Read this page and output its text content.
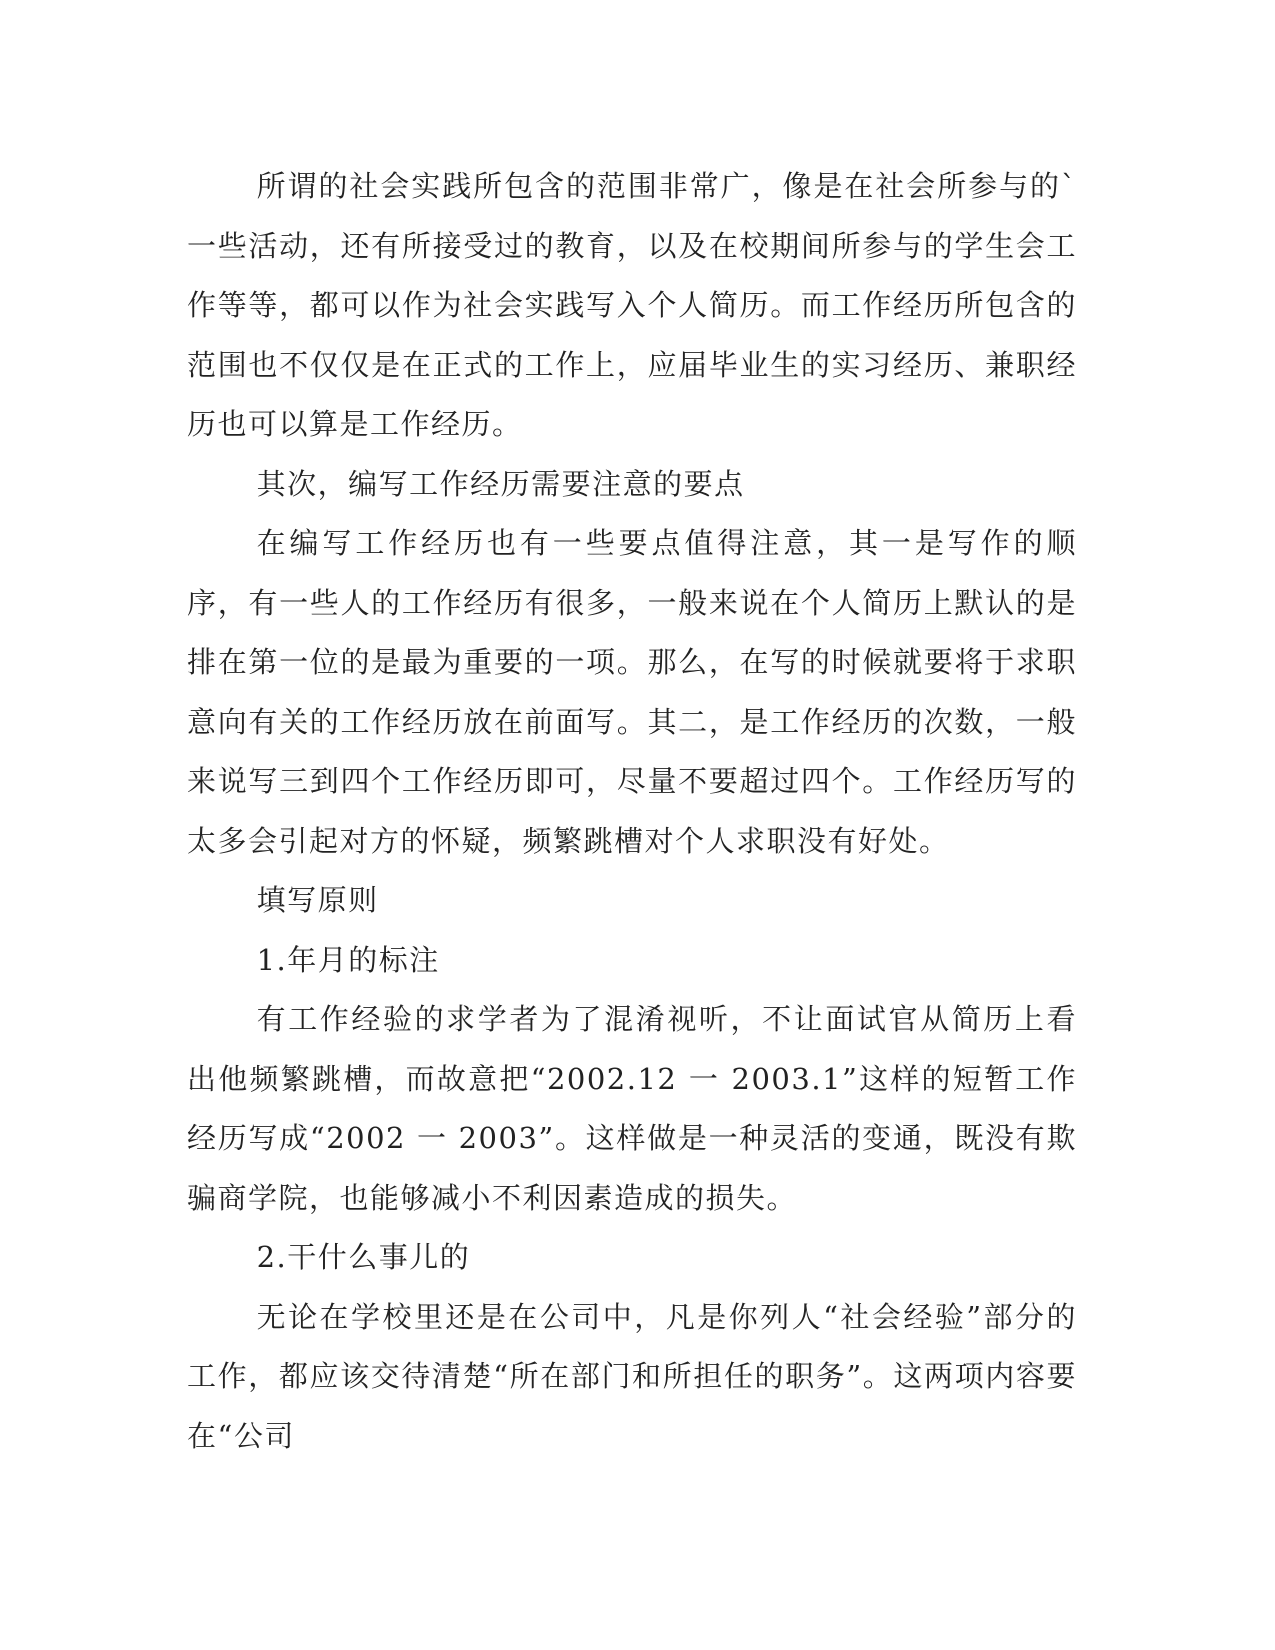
所谓的社会实践所包含的范围非常广，像是在社会所参与的`一些活动，还有所接受过的教育，以及在校期间所参与的学生会工作等等，都可以作为社会实践写入个人简历。而工作经历所包含的范围也不仅仅是在正式的工作上，应届毕业生的实习经历、兼职经历也可以算是工作经历。

其次，编写工作经历需要注意的要点

在编写工作经历也有一些要点值得注意，其一是写作的顺序，有一些人的工作经历有很多，一般来说在个人简历上默认的是排在第一位的是最为重要的一项。那么，在写的时候就要将于求职意向有关的工作经历放在前面写。其二，是工作经历的次数，一般来说写三到四个工作经历即可，尽量不要超过四个。工作经历写的太多会引起对方的怀疑，频繁跳槽对个人求职没有好处。

填写原则

1.年月的标注

有工作经验的求学者为了混淆视听，不让面试官从简历上看出他频繁跳槽，而故意把“2002.12 一 2003.1”这样的短暂工作经历写成“2002 一 2003”。这样做是一种灵活的变通，既没有欺骗商学院，也能够减小不利因素造成的损失。

2.干什么事儿的

无论在学校里还是在公司中，凡是你列人“社会经验”部分的工作，都应该交待清楚“所在部门和所担任的职务”。这两项内容要在“公司
